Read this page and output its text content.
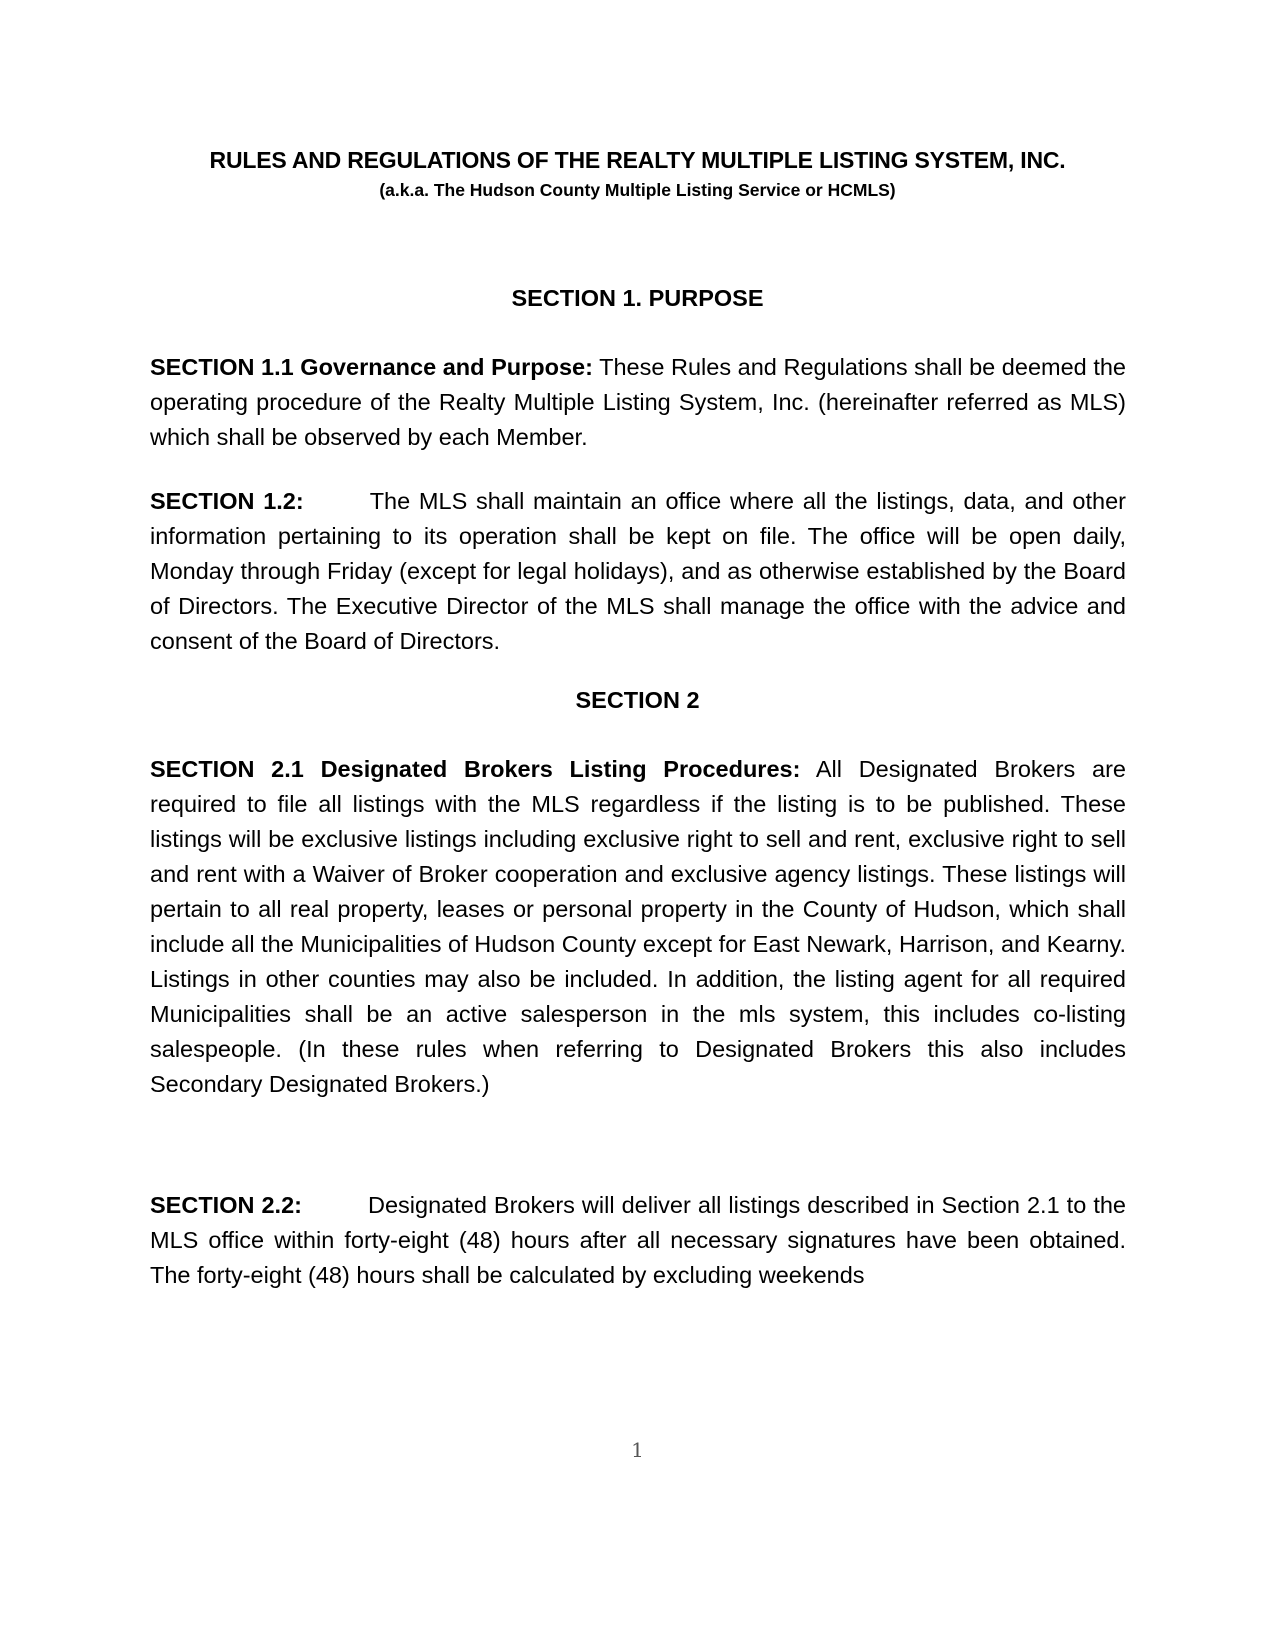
RULES AND REGULATIONS OF THE REALTY MULTIPLE LISTING SYSTEM, INC.
(a.k.a. The Hudson County Multiple Listing Service or HCMLS)
SECTION 1. PURPOSE

SECTION 1.1 Governance and Purpose: These Rules and Regulations shall be deemed the operating procedure of the Realty Multiple Listing System, Inc. (hereinafter referred as MLS) which shall be observed by each Member.

SECTION 1.2:	The MLS shall maintain an office where all the listings, data, and other information pertaining to its operation shall be kept on file. The office will be open daily, Monday through Friday (except for legal holidays), and as otherwise established by the Board of Directors. The Executive Director of the MLS shall manage the office with the advice and consent of the Board of Directors.

SECTION 2

SECTION 2.1 Designated Brokers Listing Procedures: All Designated Brokers are required to file all listings with the MLS regardless if the listing is to be published. These listings will be exclusive listings including exclusive right to sell and rent, exclusive right to sell and rent with a Waiver of Broker cooperation and exclusive agency listings. These listings will pertain to all real property, leases or personal property in the County of Hudson, which shall include all the Municipalities of Hudson County except for East Newark, Harrison, and Kearny. Listings in other counties may also be included. In addition, the listing agent for all required Municipalities shall be an active salesperson in the mls system, this includes co-listing salespeople. (In these rules when referring to Designated Brokers this also includes Secondary Designated Brokers.)

SECTION 2.2:	Designated Brokers will deliver all listings described in Section 2.1 to the MLS office within forty-eight (48) hours after all necessary signatures have been obtained. The forty-eight (48) hours shall be calculated by excluding weekends

1
